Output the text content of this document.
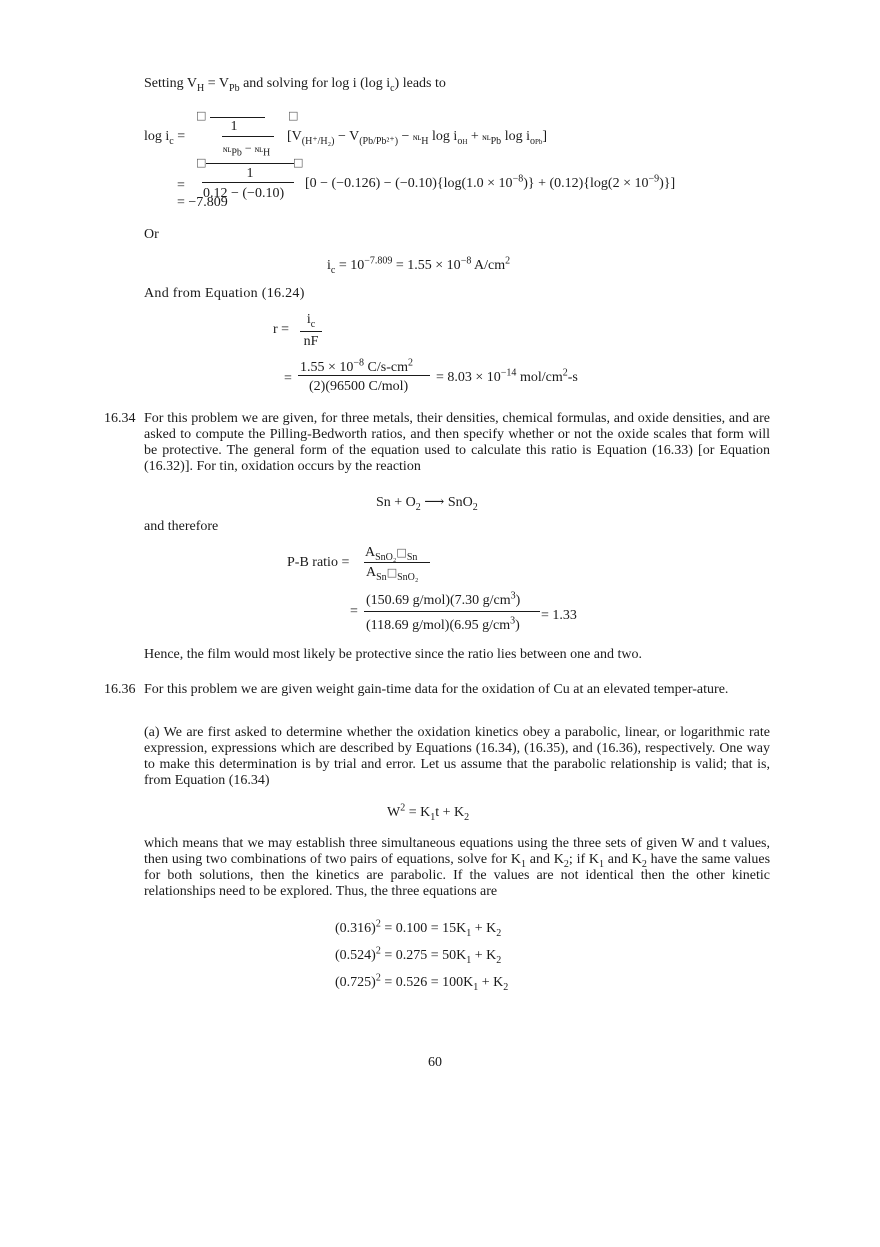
Setting $V_H = V_{Pb}$ and solving for log i (log $i_c$) leads to
□	□
1
$\log i_c$ =
ɴʟ$_{Pb}$ − ɴʟ$_H$
[$V_{(H^+/H_2)} - V_{(Pb/Pb^{2+})}$ − ɴʟ$_H$ $\log i_{oH}$ + ɴʟ$_{Pb}$ $\log i_{oPb}$]
□	□
1
=
0.12 − (−0.10)
$[0 - (-0.126) - (-0.10)\{\log(1.0 \times 10^{-8})\} + (0.12)\{\log(2 \times 10^{-9})\}]$
= −7.809
Or
$i_c = 10^{-7.809} = 1.55 \times 10^{-8}$ $A/cm^2$
And from Equation (16.24)
r =
$i_c$
nF
=
$1.55 \times 10^{-8}$ $C/s-cm^2$
(2)(96500 C/mol)
= $8.03 \times 10^{-14}$ mol/$cm^2-s$
16.34 For this problem we are given, for three metals, their densities, chemical formulas, and oxide densities, and are asked to compute the Pilling-Bedworth ratios, and then specify whether or not the oxide scales that form will be protective. The general form of the equation used to calculate this ratio is Equation (16.33) [or Equation (16.32)]. For tin, oxidation occurs by the reaction
$Sn + O_2$ ⟶ SnO$_2$
and therefore
P-B ratio =
$A_{SnO_2}□_{Sn}$
$A_{Sn}□_{SnO_2}$
=
(150.69 g/mol)(7.30 $g/cm^3$)
(118.69 g/mol)(6.95 $g/cm^3$)
= 1.33
Hence, the film would most likely be protective since the ratio lies between one and two.
16.36 For this problem we are given weight gain-time data for the oxidation of Cu at an elevated temper-ature.
(a) We are first asked to determine whether the oxidation kinetics obey a parabolic, linear, or logarithmic rate expression, expressions which are described by Equations (16.34), (16.35), and (16.36), respectively. One way to make this determination is by trial and error. Let us assume that the parabolic relationship is valid; that is, from Equation (16.34)
$W^2 = K_1t + K_2$
which means that we may establish three simultaneous equations using the three sets of given W and t values, then using two combinations of two pairs of equations, solve for $K_1$ and $K_2$; if $K_1$ and $K_2$ have the same values for both solutions, then the kinetics are parabolic. If the values are not identical then the other kinetic relationships need to be explored. Thus, the three equations are
$(0.316)^2 = 0.100 = 15K_1 + K_2$
$(0.524)^2 = 0.275 = 50K_1 + K_2$
$(0.725)^2 = 0.526 = 100K_1 + K_2$
60
